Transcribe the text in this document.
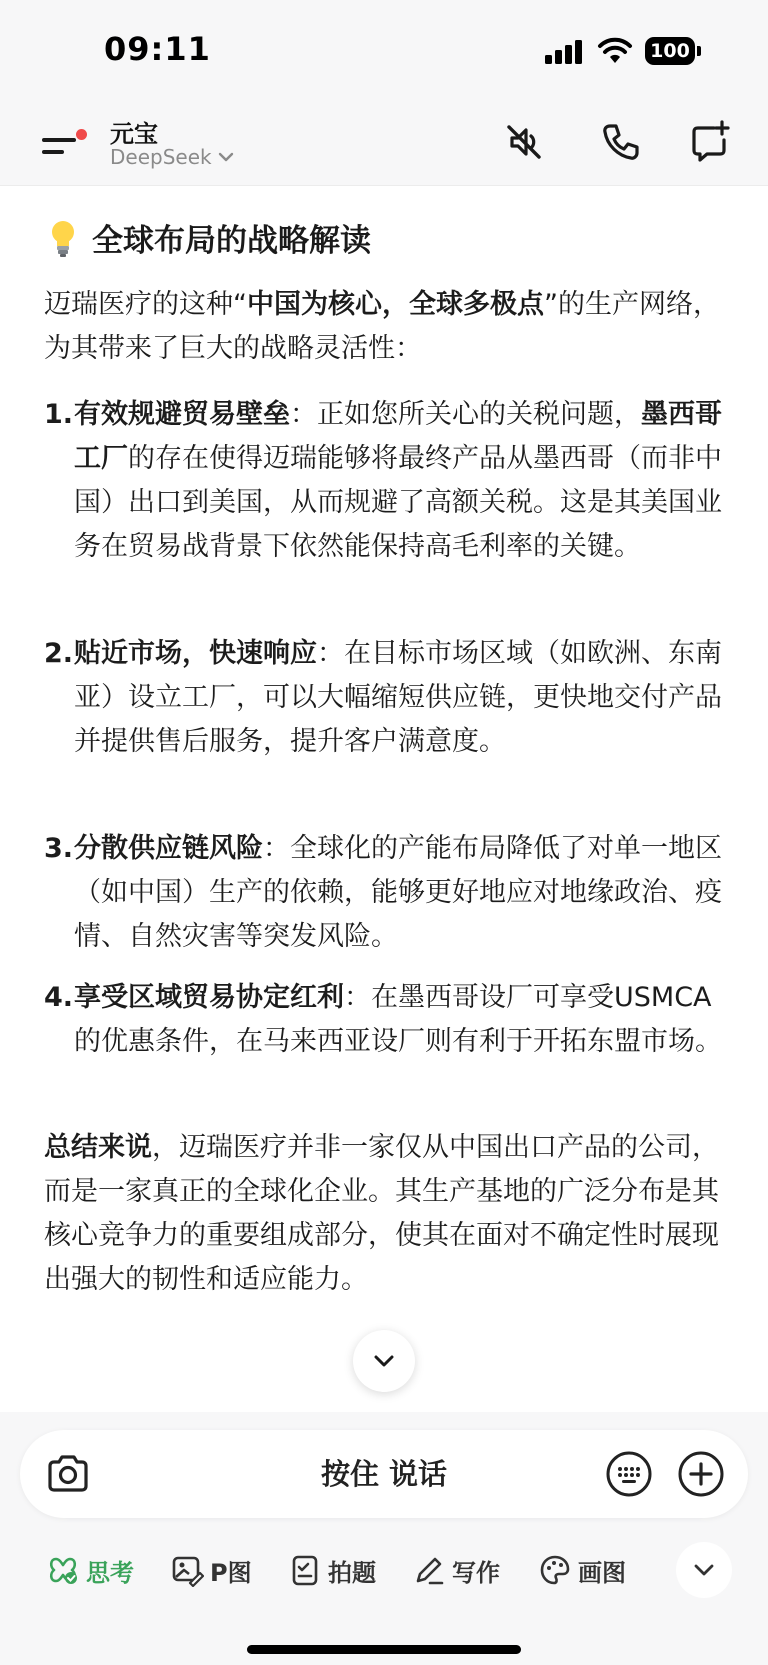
09:11	100
元宝
DeepSeek
全球布局的战略解读
迈瑞医疗的这种“中国为核心，全球多极点”的生产网络，为其带来了巨大的战略灵活性：
1. 有效规避贸易壁垒：正如您所关心的关税问题，墨西哥工厂的存在使得迈瑞能够将最终产品从墨西哥（而非中国）出口到美国，从而规避了高额关税。这是其美国业务在贸易战背景下依然能保持高毛利率的关键。
2. 贴近市场，快速响应：在目标市场区域（如欧洲、东南亚）设立工厂，可以大幅缩短供应链，更快地交付产品并提供售后服务，提升客户满意度。
3. 分散供应链风险：全球化的产能布局降低了对单一地区（如中国）生产的依赖，能够更好地应对地缘政治、疫情、自然灾害等突发风险。
4. 享受区域贸易协定红利：在墨西哥设厂可享受USMCA的优惠条件，在马来西亚设厂则有利于开拓东盟市场。
总结来说，迈瑞医疗并非一家仅从中国出口产品的公司，而是一家真正的全球化企业。其生产基地的广泛分布是其核心竞争力的重要组成部分，使其在面对不确定性时展现出强大的韧性和适应能力。
按住 说话
思考	P图	拍题	写作	画图
